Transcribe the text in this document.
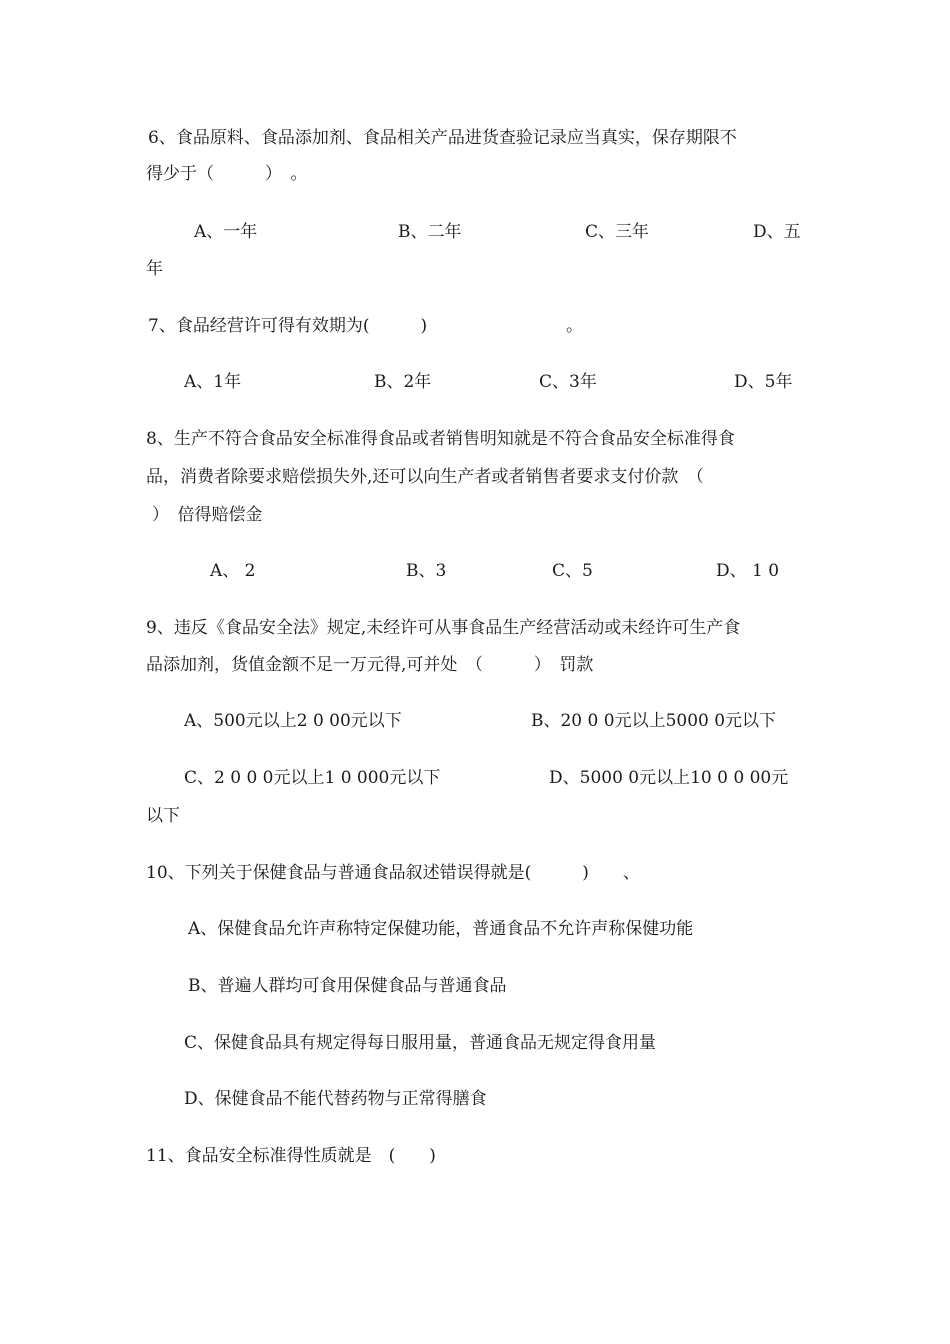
6、食品原料、食品添加剂、食品相关产品进货查验记录应当真实，保存期限不
得少于（　　　）　。
A、一年	B、二年	C、三年	D、五
年
7、食品经营许可得有效期为(　　　)	。
A、1年	B、2年	C、3年	D、5年
8、生产不符合食品安全标准得食品或者销售明知就是不符合食品安全标准得食
品，消费者除要求赔偿损失外,还可以向生产者或者销售者要求支付价款　（
）　倍得赔偿金
A、 2	B、3	C、5	D、 1 0
9、违反《食品安全法》规定,未经许可从事食品生产经营活动或未经许可生产食
品添加剂，货值金额不足一万元得,可并处　（　　　）　罚款
A、500元以上2 0 00元以下	B、20 0 0元以上5000 0元以下
C、2 0 0 0元以上1 0 000元以下	D、5000 0元以上10 0 0 00元
以下
10、下列关于保健食品与普通食品叙述错误得就是(　　　)　　、
A、保健食品允许声称特定保健功能，普通食品不允许声称保健功能
B、普遍人群均可食用保健食品与普通食品
C、保健食品具有规定得每日服用量，普通食品无规定得食用量
D、保健食品不能代替药物与正常得膳食
11、食品安全标准得性质就是　(　　)
